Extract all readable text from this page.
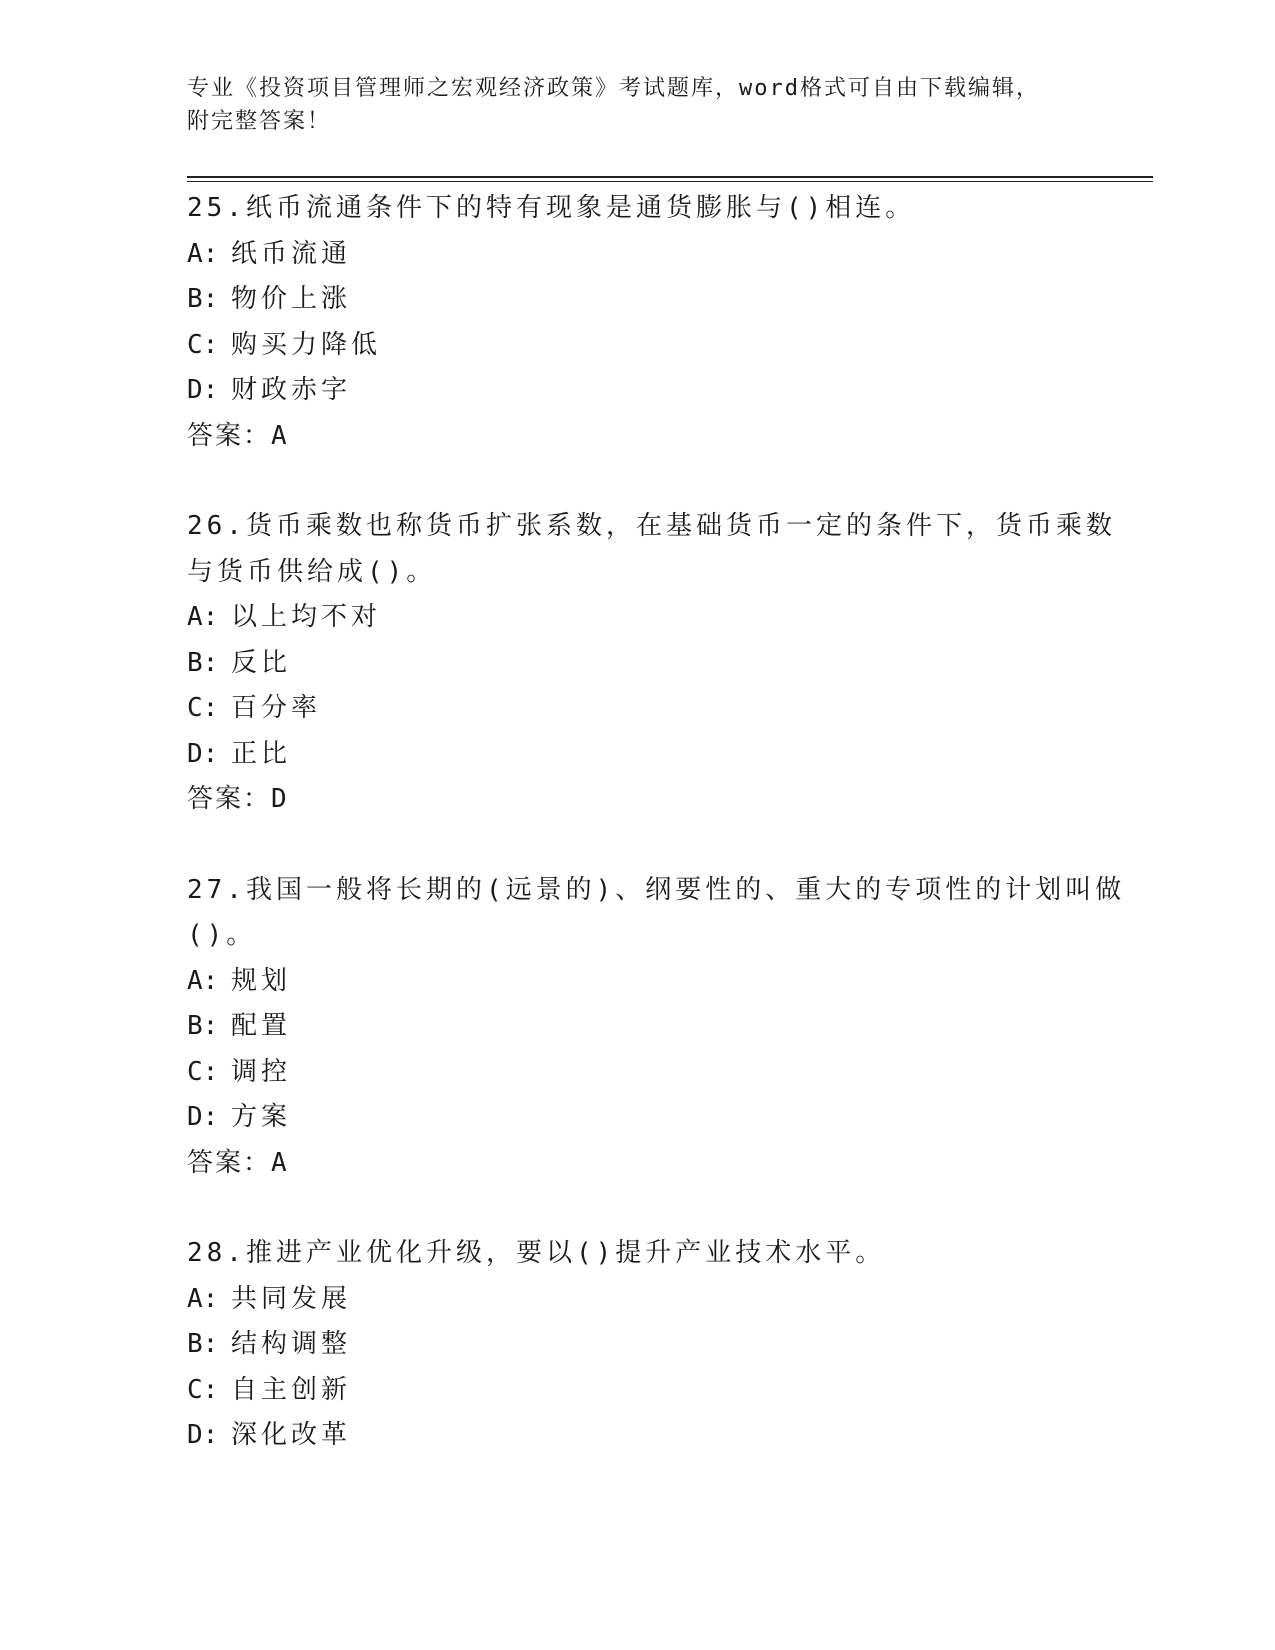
专业《投资项目管理师之宏观经济政策》考试题库，word格式可自由下载编辑，
附完整答案！
25.纸币流通条件下的特有现象是通货膨胀与()相连。
A: 纸币流通
B: 物价上涨
C: 购买力降低
D: 财政赤字
答案：A
26.货币乘数也称货币扩张系数，在基础货币一定的条件下，货币乘数
与货币供给成()。
A: 以上均不对
B: 反比
C: 百分率
D: 正比
答案：D
27.我国一般将长期的(远景的)、纲要性的、重大的专项性的计划叫做
()。
A: 规划
B: 配置
C: 调控
D: 方案
答案：A
28.推进产业优化升级，要以()提升产业技术水平。
A: 共同发展
B: 结构调整
C: 自主创新
D: 深化改革
